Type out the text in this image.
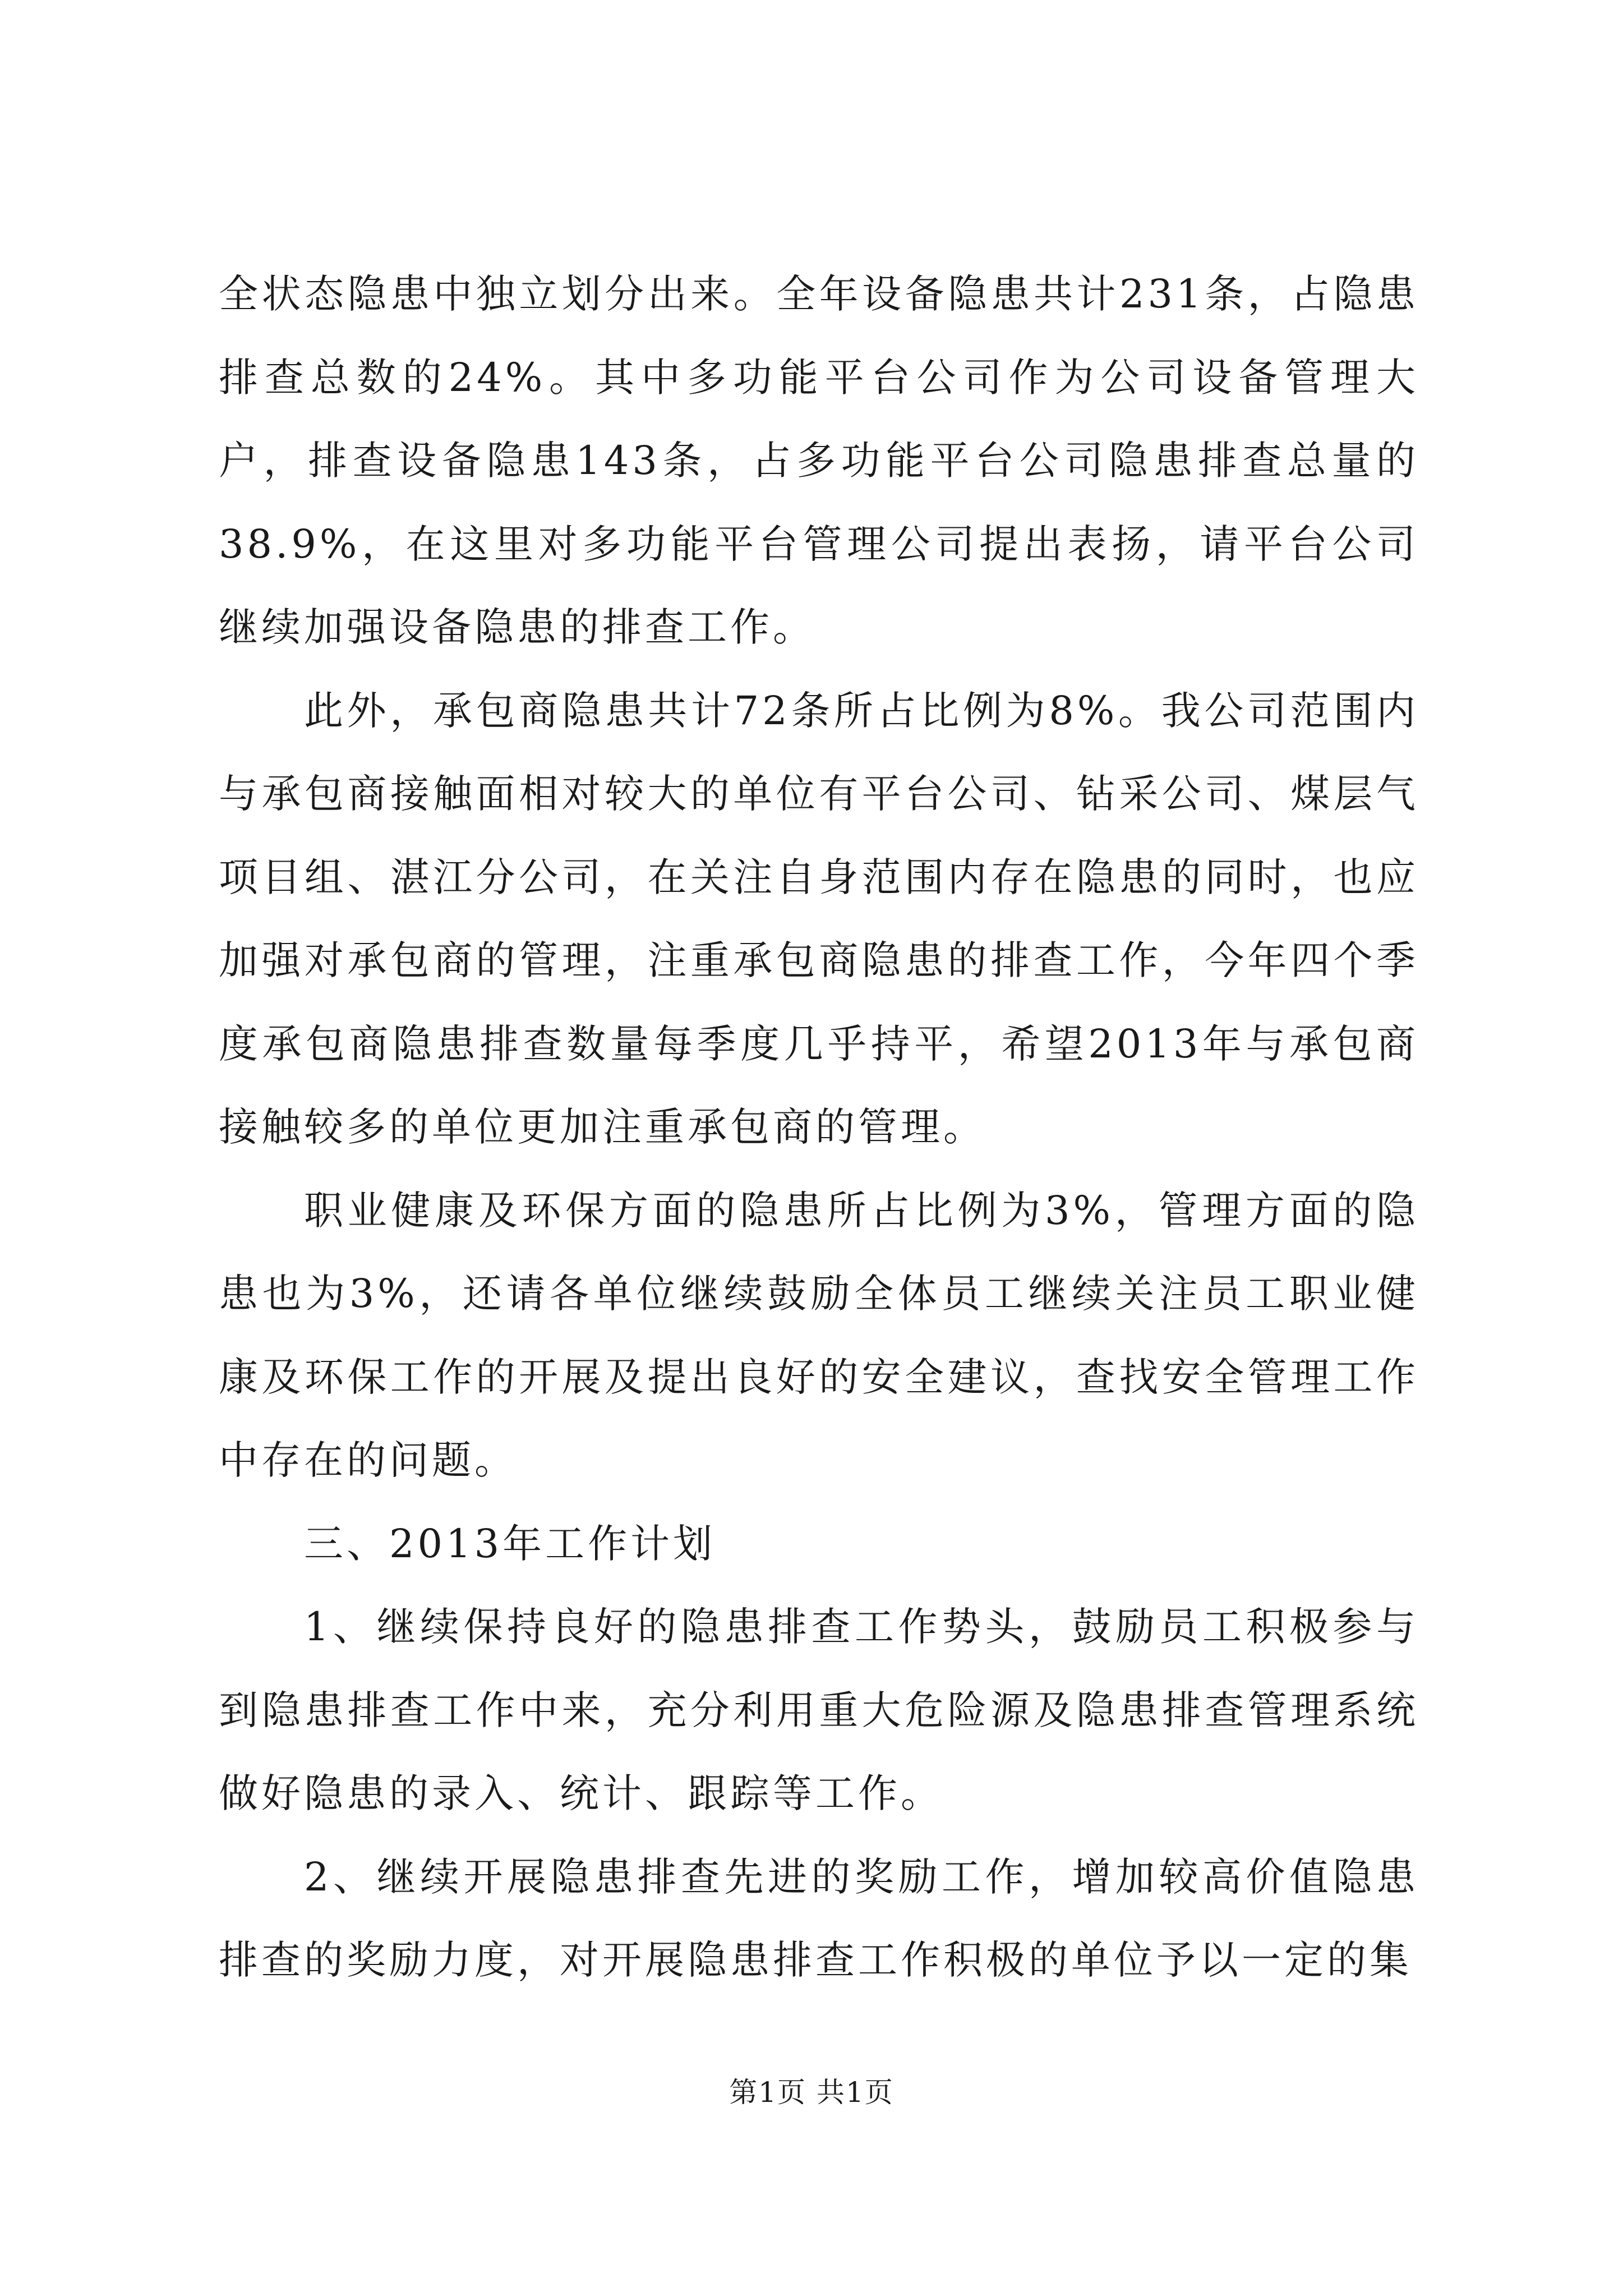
全状态隐患中独立划分出来。全年设备隐患共计231条，占隐患排查总数的24%。其中多功能平台公司作为公司设备管理大户，排查设备隐患143条，占多功能平台公司隐患排查总量的38.9%，在这里对多功能平台管理公司提出表扬，请平台公司继续加强设备隐患的排查工作。

此外，承包商隐患共计72条所占比例为8%。我公司范围内与承包商接触面相对较大的单位有平台公司、钻采公司、煤层气项目组、湛江分公司，在关注自身范围内存在隐患的同时，也应加强对承包商的管理，注重承包商隐患的排查工作，今年四个季度承包商隐患排查数量每季度几乎持平，希望2013年与承包商接触较多的单位更加注重承包商的管理。

职业健康及环保方面的隐患所占比例为3%，管理方面的隐患也为3%，还请各单位继续鼓励全体员工继续关注员工职业健康及环保工作的开展及提出良好的安全建议，查找安全管理工作中存在的问题。

三、2013年工作计划

1、继续保持良好的隐患排查工作势头，鼓励员工积极参与到隐患排查工作中来，充分利用重大危险源及隐患排查管理系统做好隐患的录入、统计、跟踪等工作。

2、继续开展隐患排查先进的奖励工作，增加较高价值隐患排查的奖励力度，对开展隐患排查工作积极的单位予以一定的集

第1页 共1页
